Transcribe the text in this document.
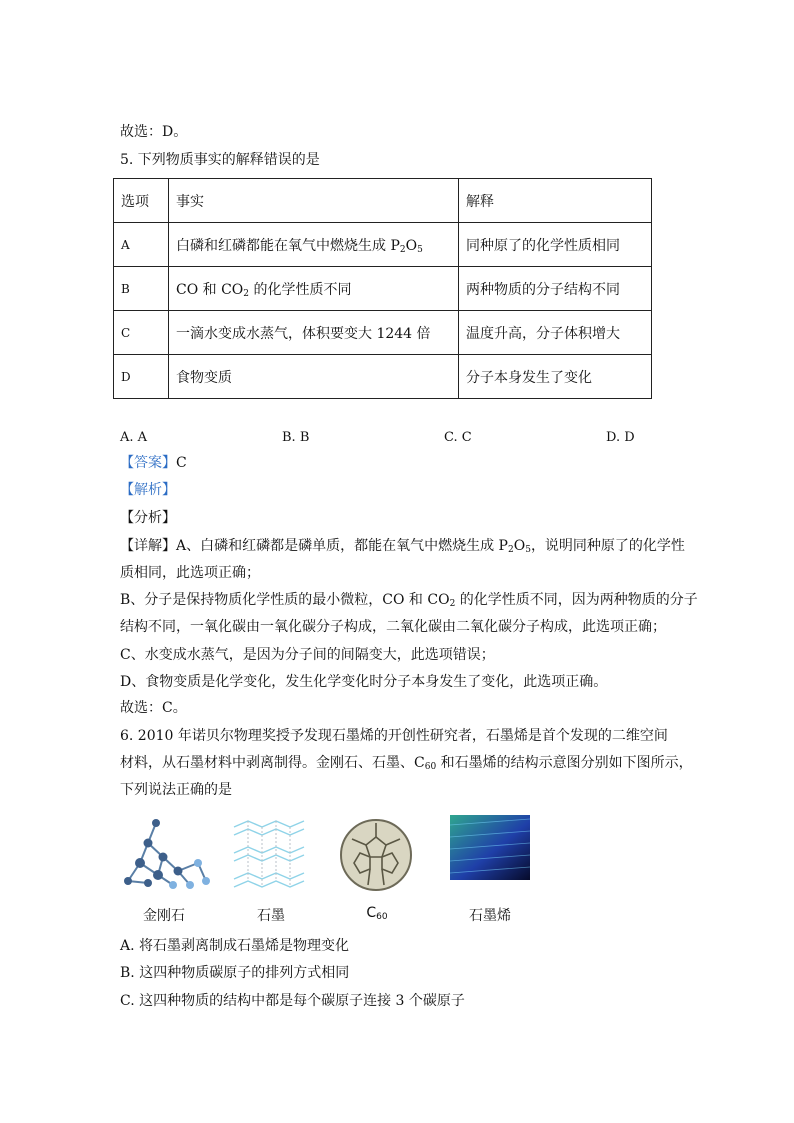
故选：D。
5. 下列物质事实的解释错误的是
选项	事实	解释
A	白磷和红磷都能在氧气中燃烧生成 $P_2O_5$	同种原了的化学性质相同
B	CO 和 $CO_2$ 的化学性质不同	两种物质的分子结构不同
C	一滴水变成水蒸气，体积要变大 1244 倍	温度升高，分子体积增大
D	食物变质	分子本身发生了变化
A. A	B. B	C. C	D. D
【答案】C
【解析】
【分析】
【详解】A、白磷和红磷都是磷单质，都能在氧气中燃烧生成 $P_2O_5$，说明同种原了的化学性
质相同，此选项正确；
B、分子是保持物质化学性质的最小微粒，CO 和 $CO_2$ 的化学性质不同，因为两种物质的分子
结构不同，一氧化碳由一氧化碳分子构成，二氧化碳由二氧化碳分子构成，此选项正确；
C、水变成水蒸气，是因为分子间的间隔变大，此选项错误；
D、食物变质是化学变化，发生化学变化时分子本身发生了变化，此选项正确。
故选：C。
6. 2010 年诺贝尔物理奖授予发现石墨烯的开创性研究者，石墨烯是首个发现的二维空间
材料，从石墨材料中剥离制得。金刚石、石墨、$C_{60}$ 和石墨烯的结构示意图分别如下图所示，
下列说法正确的是
金刚石	石墨	$C_{60}$	石墨烯
A. 将石墨剥离制成石墨烯是物理变化
B. 这四种物质碳原子的排列方式相同
C. 这四种物质的结构中都是每个碳原子连接 3 个碳原子
